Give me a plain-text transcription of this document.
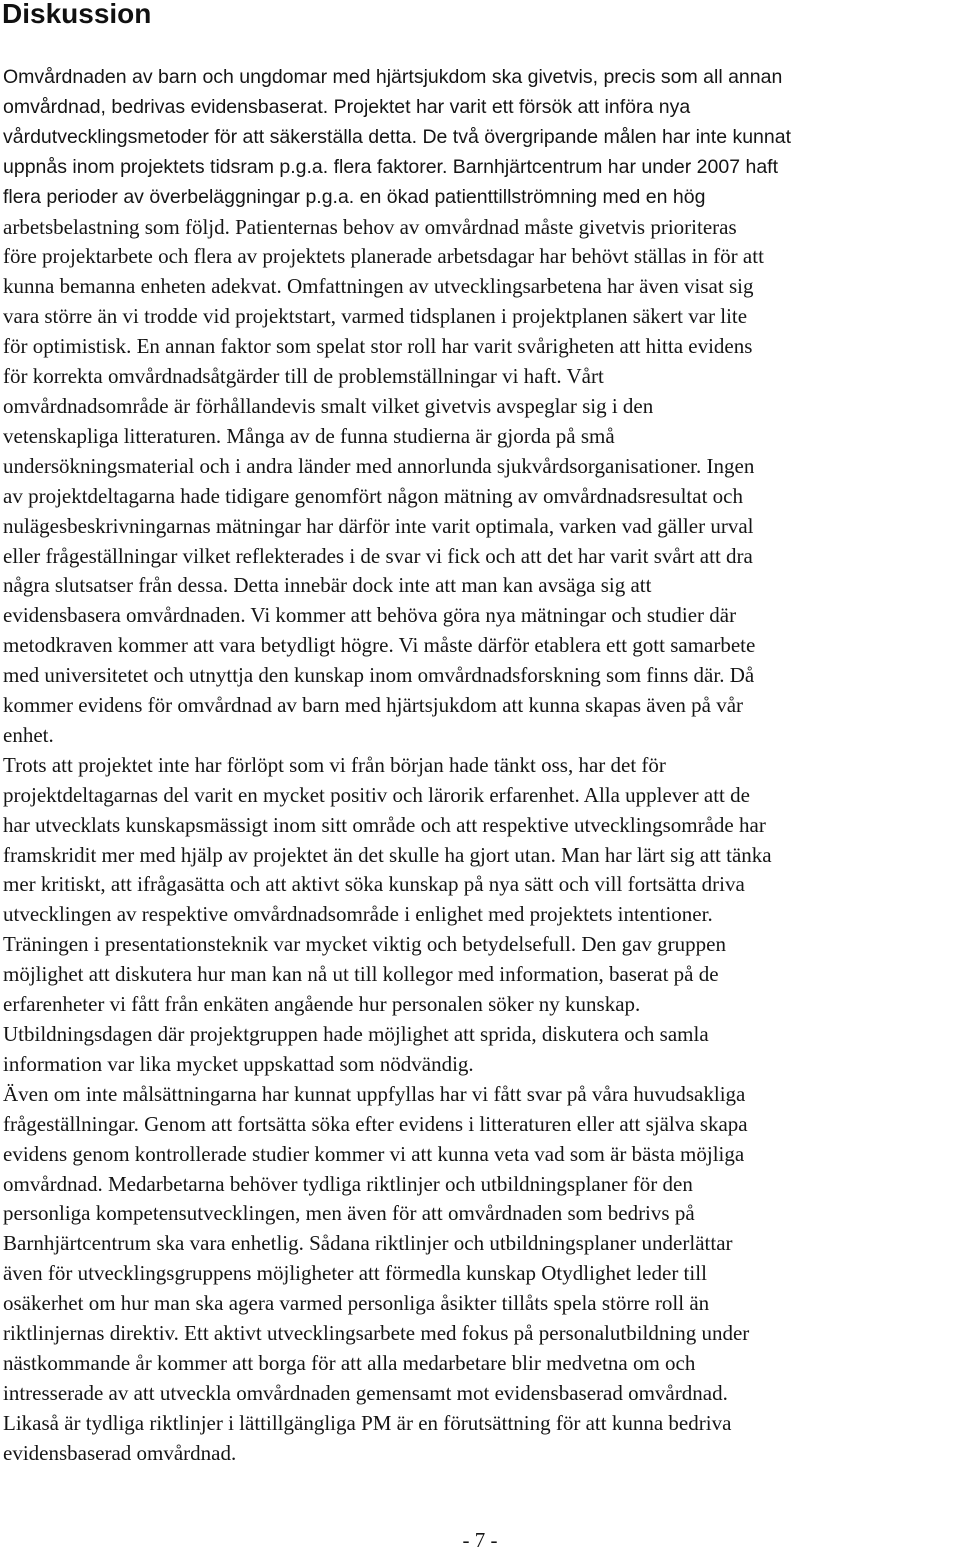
Diskussion
Omvårdnaden av barn och ungdomar med hjärtsjukdom ska givetvis, precis som all annan
omvårdnad, bedrivas evidensbaserat. Projektet har varit ett försök att införa nya
vårdutvecklingsmetoder för att säkerställa detta. De två övergripande målen har inte kunnat
uppnås inom projektets tidsram p.g.a. flera faktorer. Barnhjärtcentrum har under 2007 haft
flera perioder av överbeläggningar p.g.a. en ökad patienttillströmning med en hög
arbetsbelastning som följd. Patienternas behov av omvårdnad måste givetvis prioriteras
före projektarbete och flera av projektets planerade arbetsdagar har behövt ställas in för att
kunna bemanna enheten adekvat. Omfattningen av utvecklingsarbetena har även visat sig
vara större än vi trodde vid projektstart, varmed tidsplanen i projektplanen säkert var lite
för optimistisk. En annan faktor som spelat stor roll har varit svårigheten att hitta evidens
för korrekta omvårdnadsåtgärder till de problemställningar vi haft. Vårt
omvårdnadsområde är förhållandevis smalt vilket givetvis avspeglar sig i den
vetenskapliga litteraturen. Många av de funna studierna är gjorda på små
undersökningsmaterial och i andra länder med annorlunda sjukvårdsorganisationer. Ingen
av projektdeltagarna hade tidigare genomfört någon mätning av omvårdnadsresultat och
nulägesbeskrivningarnas mätningar har därför inte varit optimala, varken vad gäller urval
eller frågeställningar vilket reflekterades i de svar vi fick och att det har varit svårt att dra
några slutsatser från dessa. Detta innebär dock inte att man kan avsäga sig att
evidensbasera omvårdnaden. Vi kommer att behöva göra nya mätningar och studier där
metodkraven kommer att vara betydligt högre. Vi måste därför etablera ett gott samarbete
med universitetet och utnyttja den kunskap inom omvårdnadsforskning som finns där. Då
kommer evidens för omvårdnad av barn med hjärtsjukdom att kunna skapas även på vår
enhet.
Trots att projektet inte har förlöpt som vi från början hade tänkt oss, har det för
projektdeltagarnas del varit en mycket positiv och lärorik erfarenhet. Alla upplever att de
har utvecklats kunskapsmässigt inom sitt område och att respektive utvecklingsområde har
framskridit mer med hjälp av projektet än det skulle ha gjort utan. Man har lärt sig att tänka
mer kritiskt, att ifrågasätta och att aktivt söka kunskap på nya sätt och vill fortsätta driva
utvecklingen av respektive omvårdnadsområde i enlighet med projektets intentioner.
Träningen i presentationsteknik var mycket viktig och betydelsefull. Den gav gruppen
möjlighet att diskutera hur man kan nå ut till kollegor med information, baserat på de
erfarenheter vi fått från enkäten angående hur personalen söker ny kunskap.
Utbildningsdagen där projektgruppen hade möjlighet att sprida, diskutera och samla
information var lika mycket uppskattad som nödvändig.
Även om inte målsättningarna har kunnat uppfyllas har vi fått svar på våra huvudsakliga
frågeställningar. Genom att fortsätta söka efter evidens i litteraturen eller att själva skapa
evidens genom kontrollerade studier kommer vi att kunna veta vad som är bästa möjliga
omvårdnad. Medarbetarna behöver tydliga riktlinjer och utbildningsplaner för den
personliga kompetensutvecklingen, men även för att omvårdnaden som bedrivs på
Barnhjärtcentrum ska vara enhetlig. Sådana riktlinjer och utbildningsplaner underlättar
även för utvecklingsgruppens möjligheter att förmedla kunskap Otydlighet leder till
osäkerhet om hur man ska agera varmed personliga åsikter tillåts spela större roll än
riktlinjernas direktiv. Ett aktivt utvecklingsarbete med fokus på personalutbildning under
nästkommande år kommer att borga för att alla medarbetare blir medvetna om och
intresserade av att utveckla omvårdnaden gemensamt mot evidensbaserad omvårdnad.
Likaså är tydliga riktlinjer i lättillgängliga PM är en förutsättning för att kunna bedriva
evidensbaserad omvårdnad.
- 7 -
